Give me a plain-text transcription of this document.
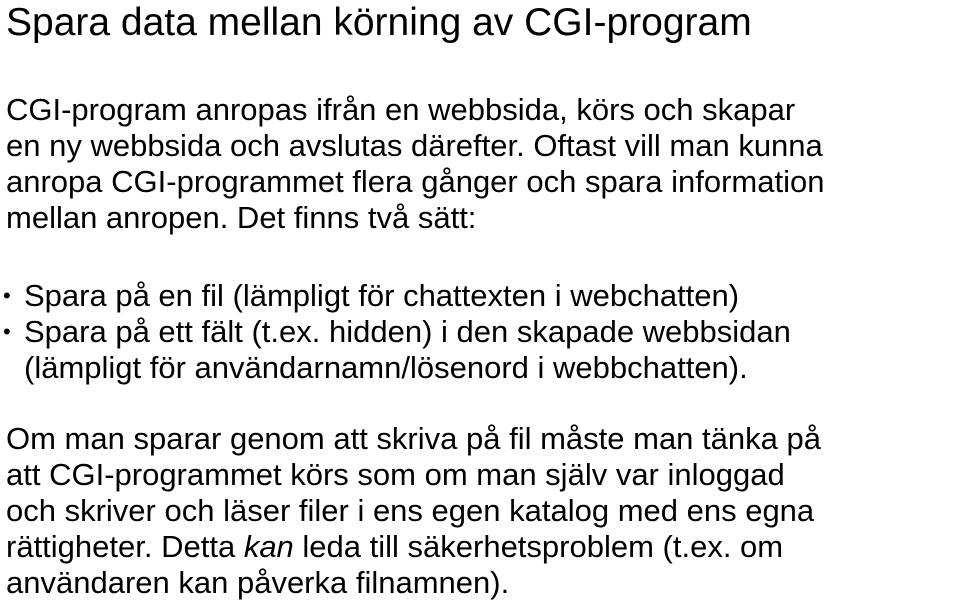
Spara data mellan körning av CGI-program

CGI-program anropas ifrån en webbsida, körs och skapar
en ny webbsida och avslutas därefter. Oftast vill man kunna
anropa CGI-programmet flera gånger och spara information
mellan anropen. Det finns två sätt:

• Spara på en fil (lämpligt för chattexten i webchatten)
• Spara på ett fält (t.ex. hidden) i den skapade webbsidan
(lämpligt för användarnamn/lösenord i webbchatten).

Om man sparar genom att skriva på fil måste man tänka på
att CGI-programmet körs som om man själv var inloggad
och skriver och läser filer i ens egen katalog med ens egna
rättigheter. Detta kan leda till säkerhetsproblem (t.ex. om
användaren kan påverka filnamnen).
